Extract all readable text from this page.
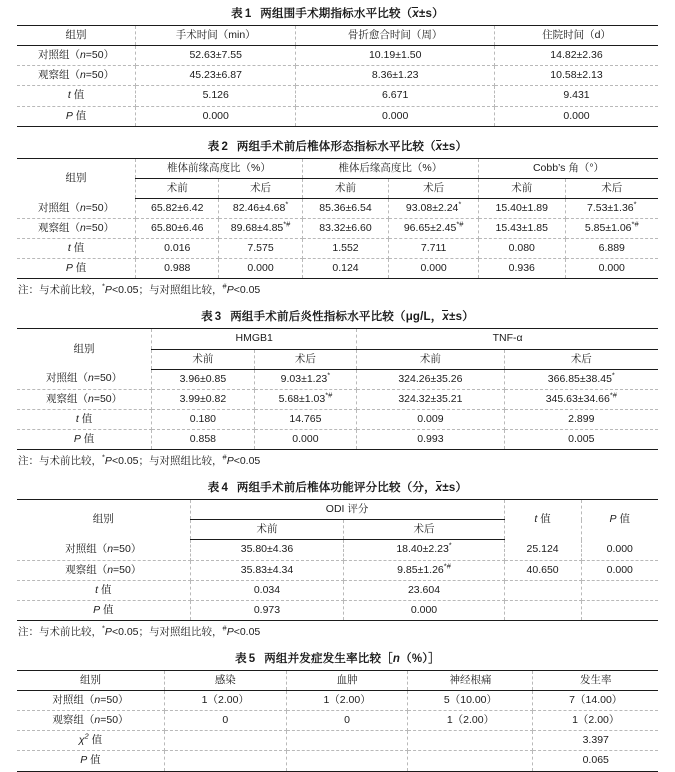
表 1 两组围手术期指标水平比较（x±s）
组别	手术时间（min）	骨折愈合时间（周）	住院时间（d）
对照组（n=50）	52.63±7.55	10.19±1.50	14.82±2.36
观察组（n=50）	45.23±6.87	8.36±1.23	10.58±2.13
t 值	5.126	6.671	9.431
P 值	0.000	0.000	0.000
表 2 两组手术前后椎体形态指标水平比较（x±s）
组别	椎体前缘高度比（%）		椎体后缘高度比（%）		Cobb’s 角（°）	
	术前	术后	术前	术后	术前	术后
对照组（n=50）	65.82±6.42	82.46±4.68*	85.36±6.54	93.08±2.24*	15.40±1.89	7.53±1.36*
观察组（n=50）	65.80±6.46	89.68±4.85*#	83.32±6.60	96.65±2.45*#	15.43±1.85	5.85±1.06*#
t 值	0.016	7.575	1.552	7.711	0.080	6.889
P 值	0.988	0.000	0.124	0.000	0.936	0.000
注：与术前比较，*P<0.05；与对照组比较，#P<0.05
表 3 两组手术前后炎性指标水平比较（μg/L，x±s）
组别	HMGB1		TNF-α	
	术前	术后	术前	术后
对照组（n=50）	3.96±0.85	9.03±1.23*	324.26±35.26	366.85±38.45*
观察组（n=50）	3.99±0.82	5.68±1.03*#	324.32±35.21	345.63±34.66*#
t 值	0.180	14.765	0.009	2.899
P 值	0.858	0.000	0.993	0.005
注：与术前比较，*P<0.05；与对照组比较，#P<0.05
表 4 两组手术前后椎体功能评分比较（分，x±s）
组别	ODI 评分		t 值	P 值
	术前	术后		
对照组（n=50）	35.80±4.36	18.40±2.23*	25.124	0.000
观察组（n=50）	35.83±4.34	9.85±1.26*#	40.650	0.000
t 值	0.034	23.604		
P 值	0.973	0.000		
注：与术前比较，*P<0.05；与对照组比较，#P<0.05
表 5 两组并发症发生率比较［n（%）］
组别	感染	血肿	神经根痛	发生率
对照组（n=50）	1（2.00）	1（2.00）	5（10.00）	7（14.00）
观察组（n=50）	0	0	1（2.00）	1（2.00）
$\chi^2$ 值				3.397
P 值				0.065
